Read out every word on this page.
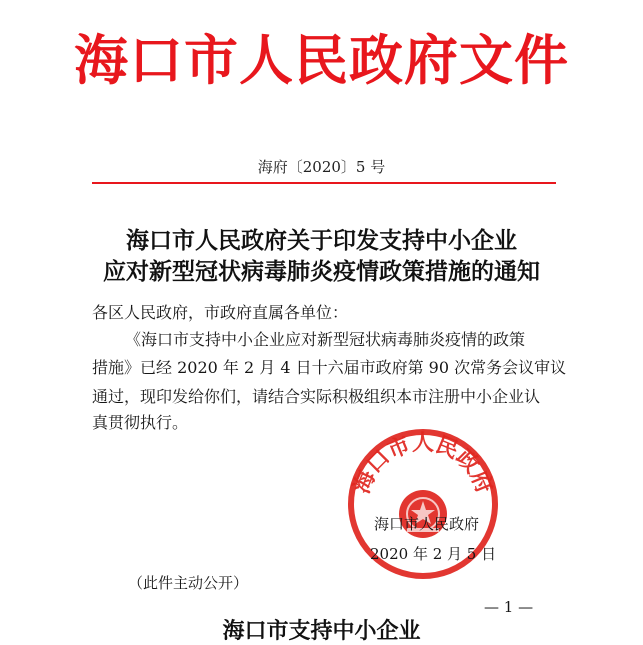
海口市人民政府文件
海府〔2020〕5 号
海口市人民政府关于印发支持中小企业
应对新型冠状病毒肺炎疫情政策措施的通知
各区人民政府，市政府直属各单位：
《海口市支持中小企业应对新型冠状病毒肺炎疫情的政策
措施》已经 2020 年 2 月 4 日十六届市政府第 90 次常务会议审议
通过，现印发给你们，请结合实际积极组织本市注册中小企业认
真贯彻执行。
海口市人民政府
海口市人民政府
2020 年 2 月 5 日
（此件主动公开）
— 1 —
海口市支持中小企业
